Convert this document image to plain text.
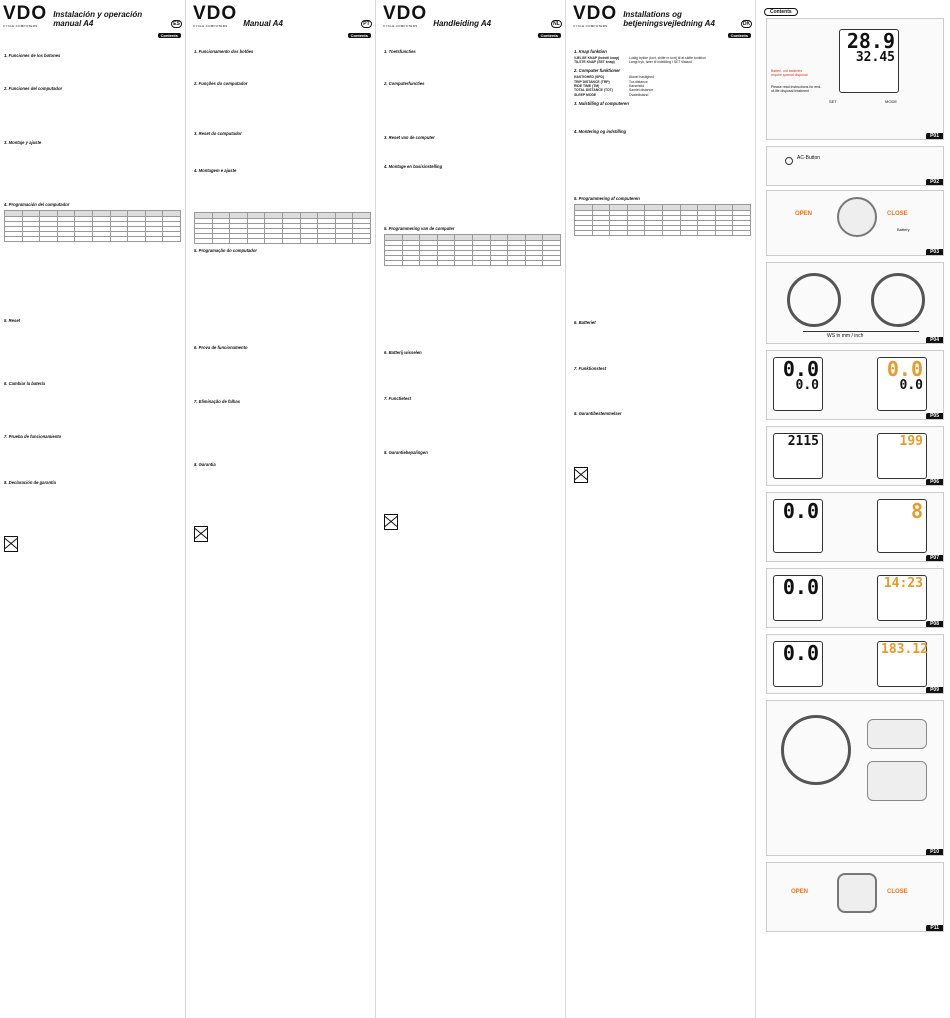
VDO
CYCLE COMPUTERS
Instalación y operación manual A4	ES
Contents

1. Funciones de los botones

2. Funciones del computador

3. Montaje y ajuste

4. Programación del computador

5. Reset

6. Cambiar la batería

7. Prueba de funcionamiento

8. Declaración de garantía

VDO
CYCLE COMPUTERS	Manual A4	PT
Contents

1. Funcionamento dos botões

2. Funções do computador

3. Reset do computador

4. Montagem e ajuste

5. Programação do computador

6. Prova de funcionamento

7. Eliminação de falhas

8. Garantia

VDO
CYCLE COMPUTERS	Handleiding A4	NL
Contents

1. Toetsfuncties

2. Computerfuncties

3. Reset van de computer

4. Montage en basisinstelling

5. Programmering van de computer

6. Batterij wisselen

7. Functietest

8. Garantiebepalingen

VDO
CYCLE COMPUTERS
Installations og betjeningsvejledning A4	DK
Contents

1. Knap funktion
VÆLGE KNAP (Indstil knap)	Lustig trykke (kort, skifte m kort) til at skifte funktion
TILSTE KNAP (SET knap)	Langt tryk, fører til indstilling i SET tilstand
2. Computer funktioner
HASTIGHED (SPD)	Aktuel hastighed
TRIP DISTANCE (TRP)	Tur-distance
RIDE TIME (TM)	Kørselstid
TOTAL DISTANCE (TOT)	Samlet distance
SLEEP MODE	Dvaletilstand
3. Nulstilling af computeren

4. Montering og indstilling

5. Programmering af computeren

6. Batteriet

7. Funktionstest

8. Garantibestemmelser

Contents
28.9
32.45
SET	MODE
Batteri, old batteries require special disposal
Please read instructions for end-of-life disposal treatment
P01
AC-Button
P02
OPEN	CLOSE
Battery
P03
WS in mm / inch
P04
0.0
0.0
0.0
0.0
P05
2115	199
P06
0.0	8
P07
0.0	14:23
P08
0.0	183.12
P09
P10
OPEN	CLOSE
P11
